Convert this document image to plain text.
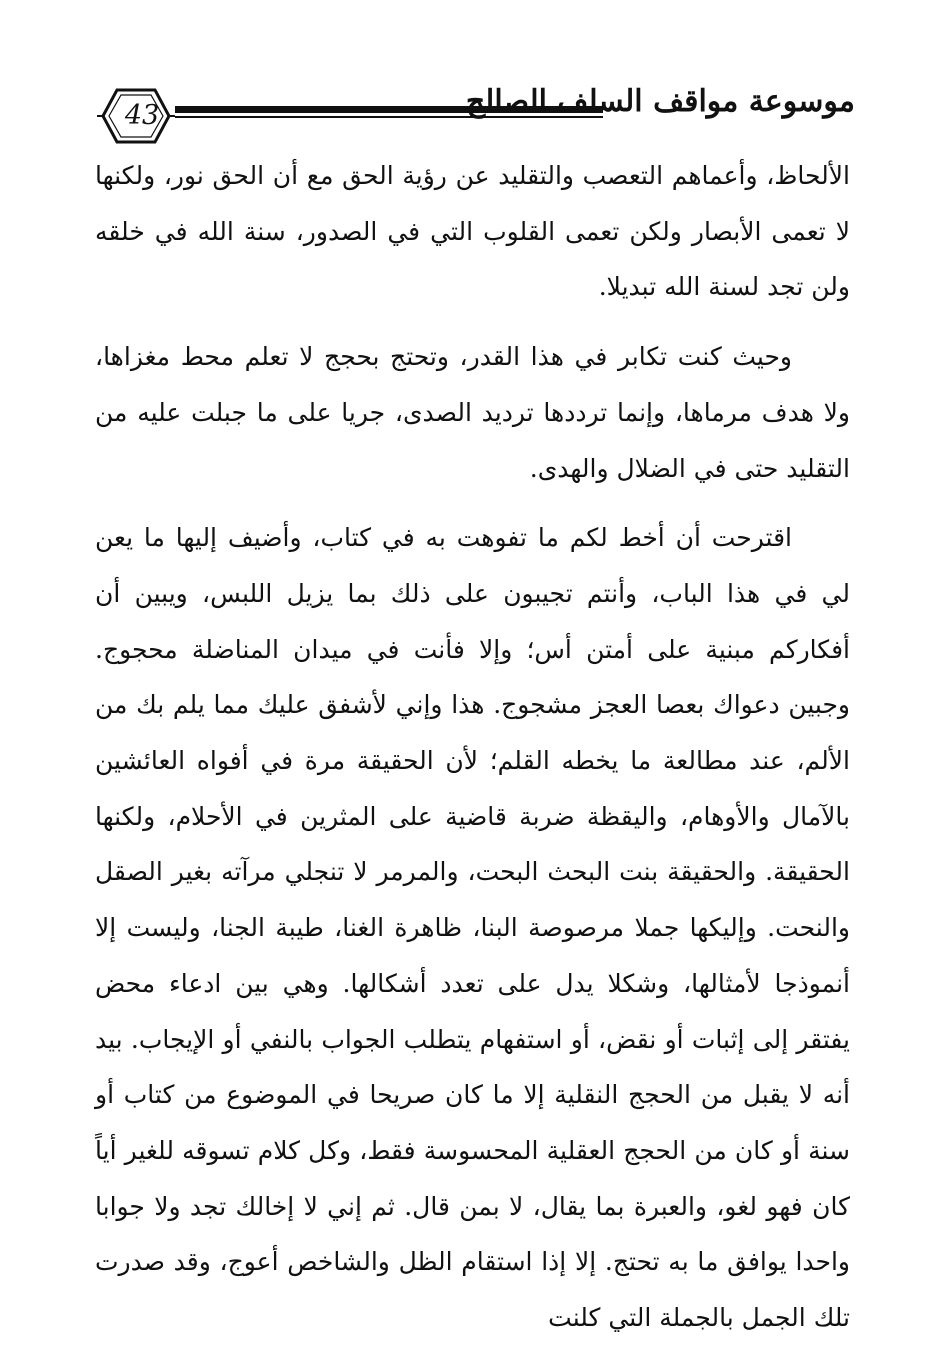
43	موسوعة مواقف السلف الصالح

الألحاظ، وأعماهم التعصب والتقليد عن رؤية الحق مع أن الحق نور، ولكنها لا تعمى الأبصار ولكن تعمى القلوب التي في الصدور، سنة الله في خلقه ولن تجد لسنة الله تبديلا.

وحيث كنت تكابر في هذا القدر، وتحتج بحجج لا تعلم محط مغزاها، ولا هدف مرماها، وإنما ترددها ترديد الصدى، جريا على ما جبلت عليه من التقليد حتى في الضلال والهدى.

اقترحت أن أخط لكم ما تفوهت به في كتاب، وأضيف إليها ما يعن لي في هذا الباب، وأنتم تجيبون على ذلك بما يزيل اللبس، ويبين أن أفكاركم مبنية على أمتن أس؛ وإلا فأنت في ميدان المناضلة محجوج. وجبين دعواك بعصا العجز مشجوج. هذا وإني لأشفق عليك مما يلم بك من الألم، عند مطالعة ما يخطه القلم؛ لأن الحقيقة مرة في أفواه العائشين بالآمال والأوهام، واليقظة ضربة قاضية على المثرين في الأحلام، ولكنها الحقيقة. والحقيقة بنت البحث البحت، والمرمر لا تنجلي مرآته بغير الصقل والنحت. وإليكها جملا مرصوصة البنا، ظاهرة الغنا، طيبة الجنا، وليست إلا أنموذجا لأمثالها، وشكلا يدل على تعدد أشكالها. وهي بين ادعاء محض يفتقر إلى إثبات أو نقض، أو استفهام يتطلب الجواب بالنفي أو الإيجاب. بيد أنه لا يقبل من الحجج النقلية إلا ما كان صريحا في الموضوع من كتاب أو سنة أو كان من الحجج العقلية المحسوسة فقط، وكل كلام تسوقه للغير أياً كان فهو لغو، والعبرة بما يقال، لا بمن قال. ثم إني لا إخالك تجد ولا جوابا واحدا يوافق ما به تحتج. إلا إذا استقام الظل والشاخص أعوج، وقد صدرت تلك الجمل بالجملة التي كلنت
